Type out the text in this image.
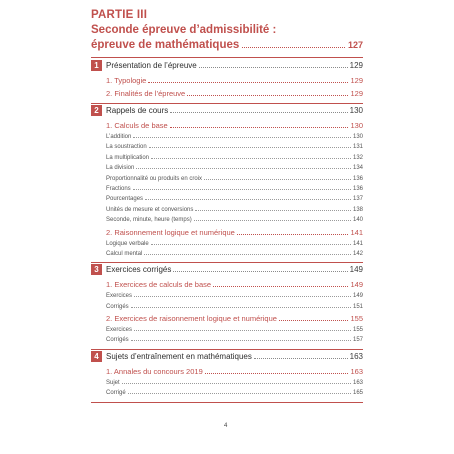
PARTIE III
Seconde épreuve d’admissibilité :
épreuve de mathématiques	127
1 Présentation de l’épreuve	129
1. Typologie	129
2. Finalités de l’épreuve	129
2 Rappels de cours	130
1. Calculs de base	130
L’addition	130
La soustraction	131
La multiplication	132
La division	134
Proportionnalité ou produits en croix	136
Fractions	136
Pourcentages	137
Unités de mesure et conversions	138
Seconde, minute, heure (temps)	140
2. Raisonnement logique et numérique	141
Logique verbale	141
Calcul mental	142
3 Exercices corrigés	149
1. Exercices de calculs de base	149
Exercices	149
Corrigés	151
2. Exercices de raisonnement logique et numérique	155
Exercices	155
Corrigés	157
4 Sujets d’entraînement en mathématiques	163
1. Annales du concours 2019	163
Sujet	163
Corrigé	165
4
